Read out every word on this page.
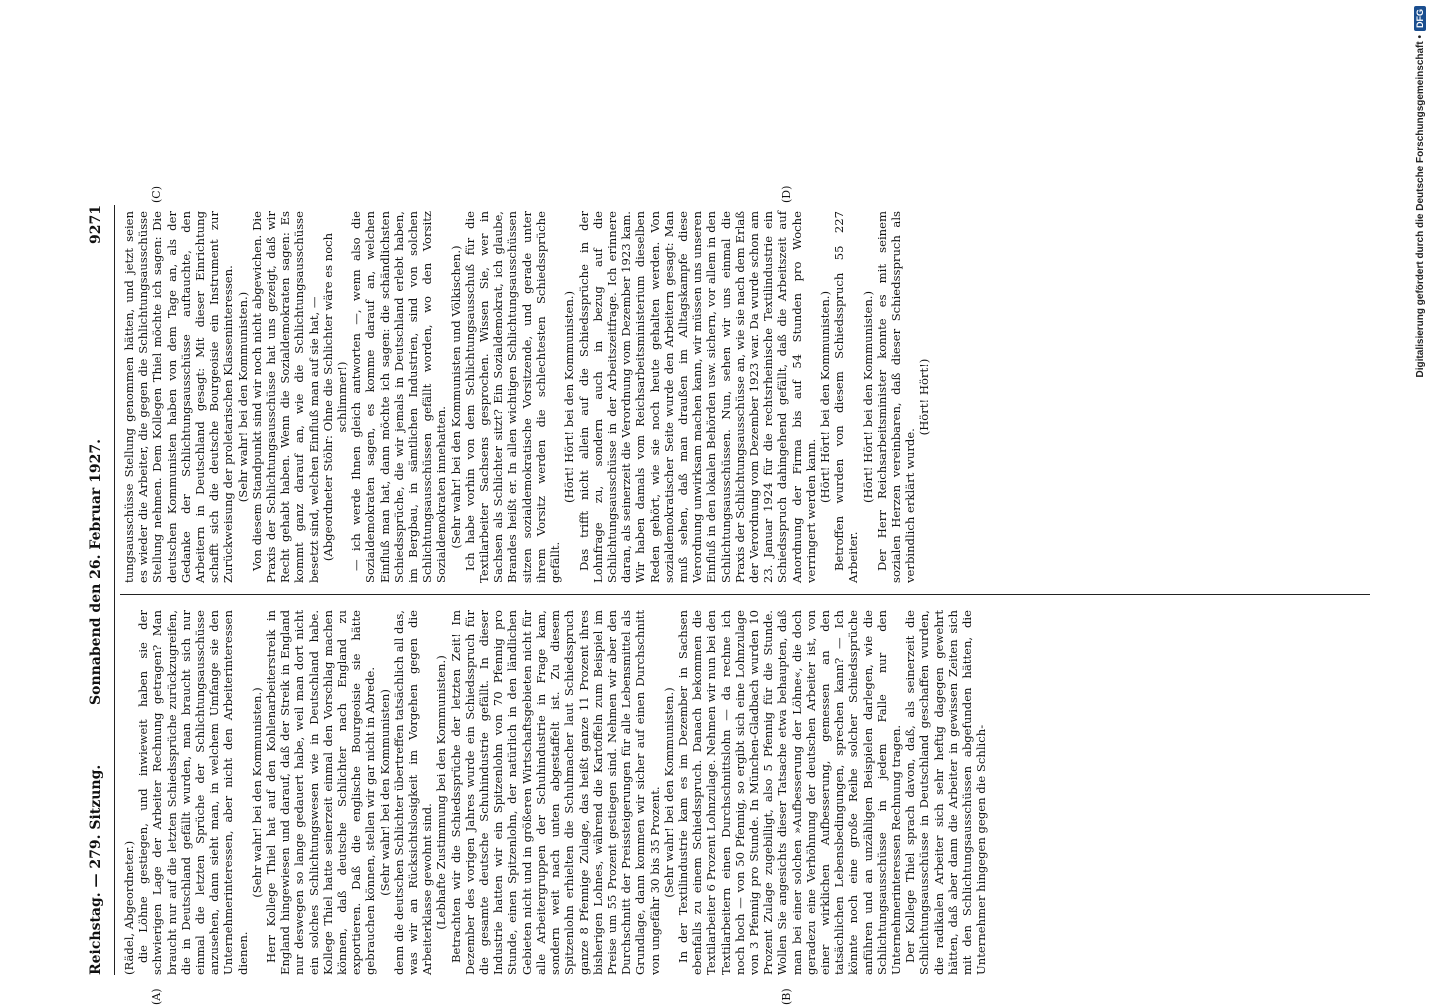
Reichstag. — 279. Sitzung.
Sonnabend den 26. Februar 1927.
9271
(A)	(B)
(C)	(D)

(Rädel, Abgeordneter.) die Löhne gestiegen, und inwieweit haben sie der schwierigen Lage der Arbeiter Rechnung getragen? Man braucht nur auf die letzten Schiedssprüche zurückzugreifen, die in Deutschland gefällt wurden, man braucht sich nur einmal die letzten Sprüche der Schlichtungsausschüsse anzusehen, dann sieht man, in welchem Umfange sie den Unternehmerinteressen, aber nicht den Arbeiterinteressen dienen.

(Sehr wahr! bei den Kommunisten.) Herr Kollege Thiel hat auf den Kohlenarbeiterstreik in England hingewiesen und darauf, daß der Streik in England nur deswegen so lange gedauert habe, weil man dort nicht ein solches Schlichtungswesen wie in Deutschland habe. Kollege Thiel hatte seinerzeit einmal den Vorschlag machen können, daß deutsche Schlichter nach England zu exportieren. Daß die englische Bourgeoisie sie hätte gebrauchen können, stellen wir gar nicht in Abrede. (Sehr wahr! bei den Kommunisten) denn die deutschen Schlichter übertreffen tatsächlich all das, was wir an Rücksichtslosigkeit im Vorgehen gegen die Arbeiterklasse gewohnt sind. (Lebhafte Zustimmung bei den Kommunisten.) Betrachten wir die Schiedssprüche der letzten Zeit! Im Dezember des vorigen Jahres wurde ein Schiedsspruch für die gesamte deutsche Schuhindustrie gefällt. In dieser Industrie hatten wir ein Spitzenlohn von 70 Pfennig pro Stunde, einen Spitzenlohn, der natürlich in den ländlichen Gebieten nicht und in größeren Wirtschaftsgebieten nicht für alle Arbeitergruppen der Schuhindustrie in Frage kam, sondern weit nach unten abgestaffelt ist. Zu diesem Spitzenlohn erhielten die Schuhmacher laut Schiedsspruch ganze 8 Pfennige Zulage, das heißt ganze 11 Prozent ihres bisherigen Lohnes, während die Kartoffeln zum Beispiel im Preise um 55 Prozent gestiegen sind. Nehmen wir aber den Durchschnitt der Preissteigerungen für alle Lebensmittel als Grundlage, dann kommen wir sicher auf einen Durchschnitt von ungefähr 30 bis 35 Prozent. (Sehr wahr! bei den Kommunisten.) In der Textilindustrie kam es im Dezember in Sachsen ebenfalls zu einem Schiedsspruch. Danach bekommen die Textilarbeiter 6 Prozent Lohnzulage. Nehmen wir nun bei den Textilarbeitern einen Durchschnittslohn — da rechne ich noch hoch — von 50 Pfennig, so ergibt sich eine Lohnzulage von 3 Pfennig pro Stunde. In München-Gladbach wurden 10 Prozent Zulage zugebilligt, also 5 Pfennig für die Stunde. Wollen Sie angesichts dieser Tatsache etwa behaupten, daß man bei einer solchen »Aufbesserung der Löhne«, die doch geradezu eine Verhöhnung der deutschen Arbeiter ist, von einer wirklichen Aufbesserung, gemessen an den tatsächlichen Lebensbedingungen, sprechen kann? — Ich könnte noch eine große Reihe solcher Schiedssprüche anführen und an unzähligen Beispielen darlegen, wie die Schlichtungsausschüsse in jedem Falle nur den Unternehmerinteressen Rechnung tragen. Der Kollege Thiel sprach davon, daß, als seinerzeit die Schlichtungsausschüsse in Deutschland geschaffen wurden, die radikalen Arbeiter sich sehr heftig dagegen gewehrt hätten, daß aber dann die Arbeiter in gewissen Zeiten sich mit den Schlichtungsausschüssen abgefunden hätten, die Unternehmer hingegen gegen die Schlich-

tungsausschüsse Stellung genommen hätten, und jetzt seien es wieder die Arbeiter, die gegen die Schlichtungsausschüsse Stellung nehmen. Dem Kollegen Thiel möchte ich sagen: Die deutschen Kommunisten haben von dem Tage an, als der Gedanke der Schlichtungsausschüsse auftauchte, den Arbeitern in Deutschland gesagt: Mit dieser Einrichtung schafft sich die deutsche Bourgeoisie ein Instrument zur Zurückweisung der proletarischen Klasseninteressen. (Sehr wahr! bei den Kommunisten.) Von diesem Standpunkt sind wir noch nicht abgewichen. Die Praxis der Schlichtungsausschüsse hat uns gezeigt, daß wir Recht gehabt haben. Wenn die Sozialdemokraten sagen: Es kommt ganz darauf an, wie die Schlichtungsausschüsse besetzt sind, welchen Einfluß man auf sie hat, — (Abgeordneter Stöhr: Ohne die Schlichter wäre es noch schlimmer!) — ich werde Ihnen gleich antworten —, wenn also die Sozialdemokraten sagen, es komme darauf an, welchen Einfluß man hat, dann möchte ich sagen: die schändlichsten Schiedssprüche, die wir jemals in Deutschland erlebt haben, im Bergbau, in sämtlichen Industrien, sind von solchen Schlichtungsausschüssen gefällt worden, wo den Vorsitz Sozialdemokraten innehatten. (Sehr wahr! bei den Kommunisten und Völkischen.) Ich habe vorhin von dem Schlichtungsausschuß für die Textilarbeiter Sachsens gesprochen. Wissen Sie, wer in Sachsen als Schlichter sitzt? Ein Sozialdemokrat, ich glaube, Brandes heißt er. In allen wichtigen Schlichtungsausschüssen sitzen sozialdemokratische Vorsitzende, und gerade unter ihrem Vorsitz werden die schlechtesten Schiedssprüche gefällt.

(Hört! Hört! bei den Kommunisten.) Das trifft nicht allein auf die Schiedssprüche in der Lohnfrage zu, sondern auch in bezug auf die Schlichtungsausschüsse in der Arbeitszeitfrage. Ich erinnere daran, als seinerzeit die Verordnung vom Dezember 1923 kam. Wir haben damals vom Reichsarbeitsministerium dieselben Reden gehört, wie sie noch heute gehalten werden. Von sozialdemokratischer Seite wurde den Arbeitern gesagt: Man muß sehen, daß man draußen im Alltagskampfe diese Verordnung unwirksam machen kann, wir müssen uns unseren Einfluß in den lokalen Behörden usw. sichern, vor allem in den Schlichtungsausschüssen. Nun, sehen wir uns einmal die Praxis der Schlichtungsausschüsse an, wie sie nach dem Erlaß der Verordnung vom Dezember 1923 war. Da wurde schon am 23. Januar 1924 für die rechtsrheinische Textilindustrie ein Schiedsspruch dahingehend gefällt, daß die Arbeitszeit auf Anordnung der Firma bis auf 54 Stunden pro Woche verringert werden kann.

(Hört! Hört! bei den Kommunisten.) Betroffen wurden von diesem Schiedsspruch 55 227 Arbeiter.

(Hört! Hört! bei den Kommunisten.) Der Herr Reichsarbeitsminister konnte es mit seinem sozialen Herzen vereinbaren, daß dieser Schiedsspruch als verbindlich erklärt wurde.

(Hört! Hört!)

Digitalisierung gefördert durch die Deutsche Forschungsgemeinschaft •
DFG
